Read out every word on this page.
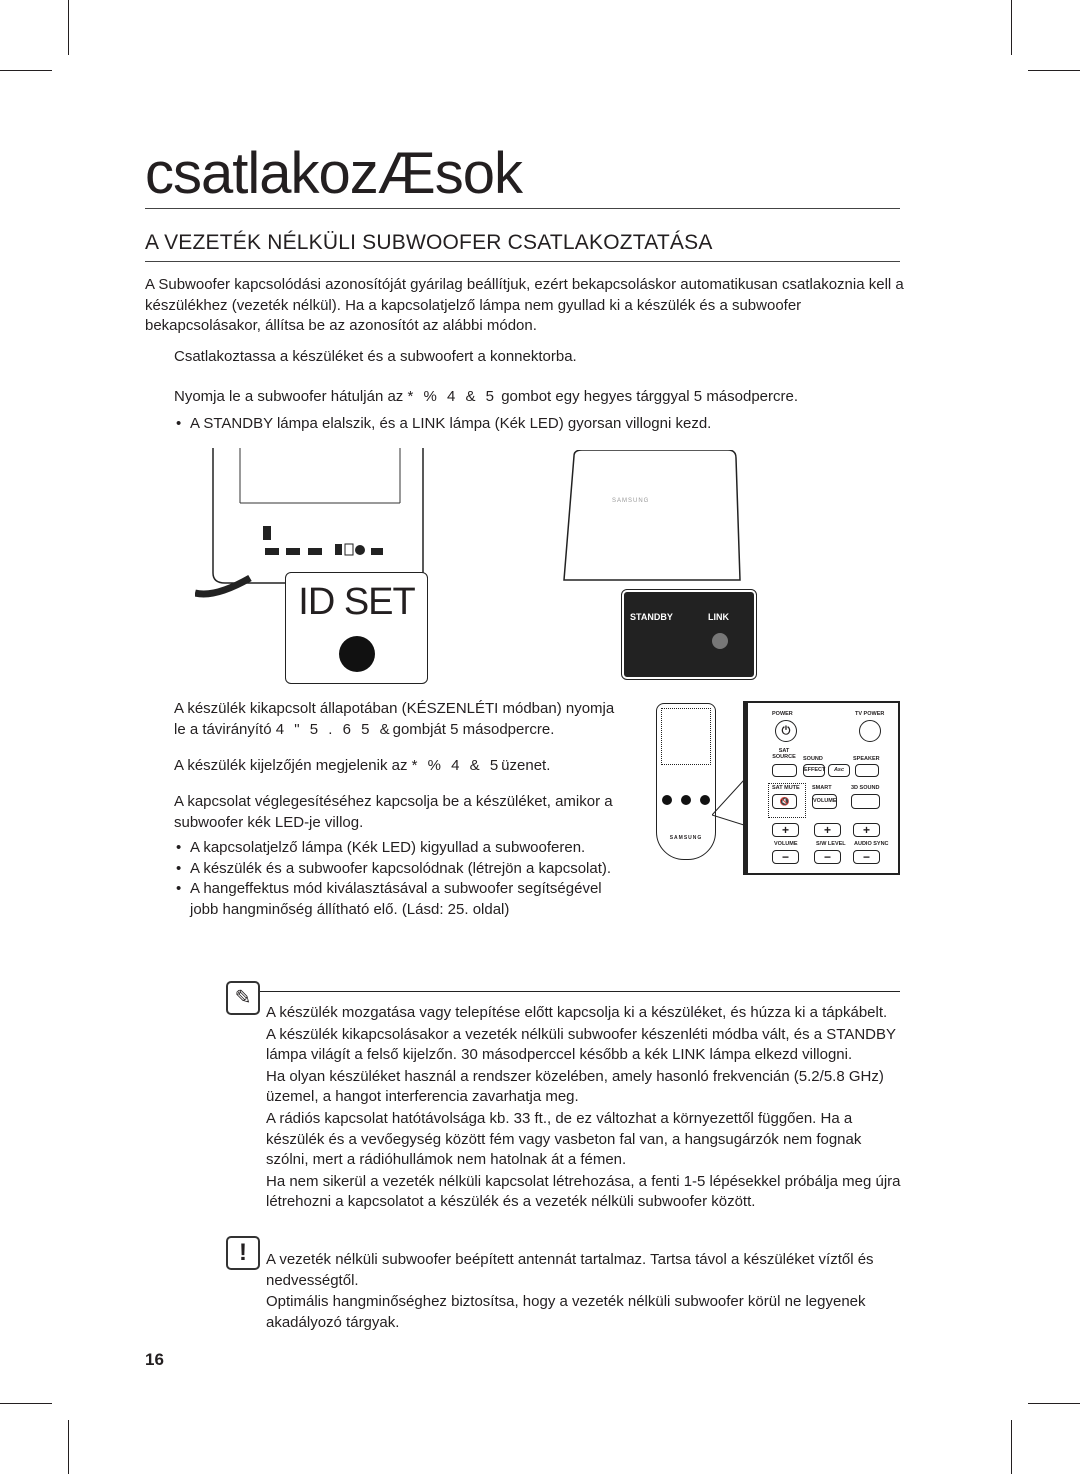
csatlakozÆsok
A VEZETÉK NÉLKÜLI SUBWOOFER CSATLAKOZTATÁSA
A Subwoofer kapcsolódási azonosítóját gyárilag beállítjuk, ezért bekapcsoláskor automatikusan csatlakoznia kell a készülékhez (vezeték nélkül). Ha a kapcsolatjelző lámpa nem gyullad ki a készülék és a subwoofer bekapcsolásakor, állítsa be az azonosítót az alábbi módon.
Csatlakoztassa a készüléket és a subwoofert a konnektorba.
Nyomja le a subwoofer hátulján az * % 4 & 5 gombot egy hegyes tárggyal 5 másodpercre.
• A STANDBY lámpa elalszik, és a LINK lámpa (Kék LED) gyorsan villogni kezd.
ID SET
SAMSUNG
STANDBY	LINK
A készülék kikapcsolt állapotában (KÉSZENLÉTI módban) nyomja
le a távirányító 4 " 5 . 6 5 &gombját 5 másodpercre.
A készülék kijelzőjén megjelenik az * % 4 & 5üzenet.
A kapcsolat véglegesítéséhez kapcsolja be a készüléket, amikor a subwoofer kék LED-je villog.
• A kapcsolatjelző lámpa (Kék LED) kigyullad a subwooferen.
• A készülék és a subwoofer kapcsolódnak (létrejön a kapcsolat).
• A hangeffektus mód kiválasztásával a subwoofer segítségével jobb hangminőség állítható elő. (Lásd: 25. oldal)
SAMSUNG
POWER
⏻
TV POWER
SAT SOURCE SOUND
EFFECT	Asc
SPEAKER
SAT MUTE
🔇
SMART
VOLUME
3D SOUND
+	+	+
VOLUME	S/W LEVEL AUDIO SYNC
−	−	−
✎
A készülék mozgatása vagy telepítése előtt kapcsolja ki a készüléket, és húzza ki a tápkábelt.
A készülék kikapcsolásakor a vezeték nélküli subwoofer készenléti módba vált, és a STANDBY lámpa világít a felső kijelzőn. 30 másodperccel később a kék LINK lámpa elkezd villogni.
Ha olyan készüléket használ a rendszer közelében, amely hasonló frekvencián (5.2/5.8 GHz) üzemel, a hangot interferencia zavarhatja meg.
A rádiós kapcsolat hatótávolsága kb. 33 ft., de ez változhat a környezettől függően. Ha a készülék és a vevőegység között fém vagy vasbeton fal van, a hangsugárzók nem fognak szólni, mert a rádióhullámok nem hatolnak át a fémen.
Ha nem sikerül a vezeték nélküli kapcsolat létrehozása, a fenti 1-5 lépésekkel próbálja meg újra létrehozni a kapcsolatot a készülék és a vezeték nélküli subwoofer között.
!	A vezeték nélküli subwoofer beépített antennát tartalmaz. Tartsa távol a készüléket víztől és nedvességtől.
Optimális hangminőséghez biztosítsa, hogy a vezeték nélküli subwoofer körül ne legyenek akadályozó tárgyak.
16
